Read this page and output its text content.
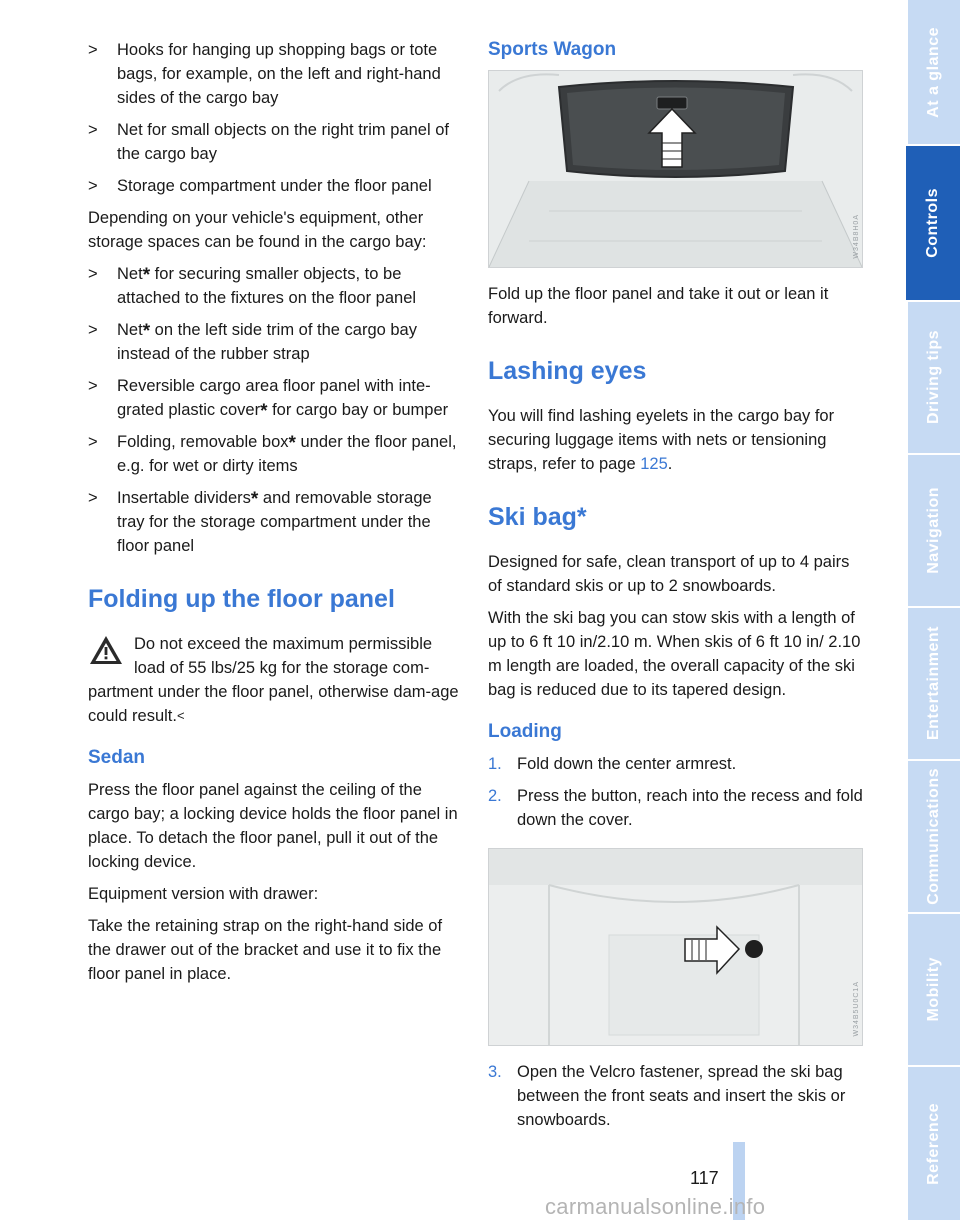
> Hooks for hanging up shopping bags or tote bags, for example, on the left and right-hand sides of the cargo bay
> Net for small objects on the right trim panel of the cargo bay
> Storage compartment under the floor panel

Depending on your vehicle's equipment, other storage spaces can be found in the cargo bay:

> Net* for securing smaller objects, to be attached to the fixtures on the floor panel
> Net* on the left side trim of the cargo bay instead of the rubber strap
> Reversible cargo area floor panel with inte-grated plastic cover* for cargo bay or bumper
> Folding, removable box* under the floor panel, e.g. for wet or dirty items
> Insertable dividers* and removable storage tray for the storage compartment under the floor panel
Folding up the floor panel
Do not exceed the maximum permissible load of 55 lbs/25 kg for the storage com-partment under the floor panel, otherwise dam-age could result.<
Sedan

Press the floor panel against the ceiling of the cargo bay; a locking device holds the floor panel in place. To detach the floor panel, pull it out of the locking device.

Equipment version with drawer:

Take the retaining strap on the right-hand side of the drawer out of the bracket and use it to fix the floor panel in place.

Sports Wagon
W34B8H0A

Fold up the floor panel and take it out or lean it forward.

Lashing eyes

You will find lashing eyelets in the cargo bay for securing luggage items with nets or tensioning straps, refer to page 125.

Ski bag*

Designed for safe, clean transport of up to 4 pairs of standard skis or up to 2 snowboards.

With the ski bag you can stow skis with a length of up to 6 ft 10 in/2.10 m. When skis of 6 ft 10 in/ 2.10 m length are loaded, the overall capacity of the ski bag is reduced due to its tapered design.

Loading
1. Fold down the center armrest.
2. Press the button, reach into the recess and fold down the cover.
W34B5U0C1A
3. Open the Velcro fastener, spread the ski bag between the front seats and insert the skis or snowboards.
117
At a glance
Controls
Driving tips
Navigation
Entertainment
Communications
Mobility
Reference
carmanualsonline.info
